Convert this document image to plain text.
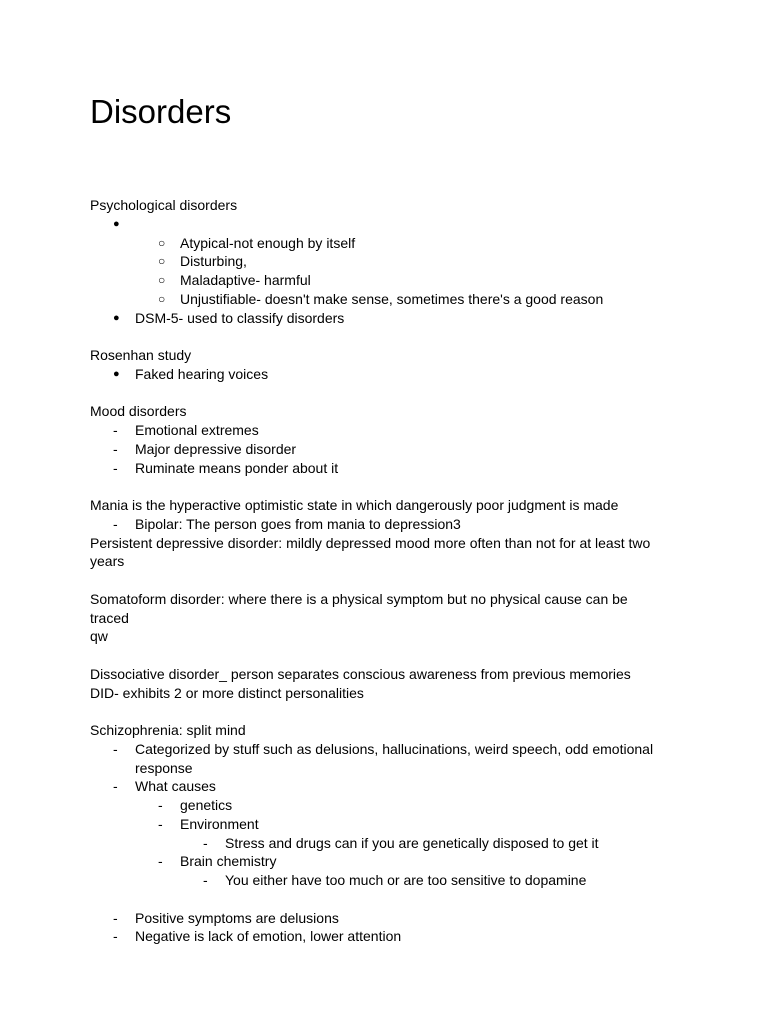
Disorders
Psychological disorders
●
○ Atypical-not enough by itself
○ Disturbing,
○ Maladaptive- harmful
○ Unjustifiable- doesn't make sense, sometimes there's a good reason
● DSM-5- used to classify disorders
Rosenhan study
● Faked hearing voices
Mood disorders
- Emotional extremes
- Major depressive disorder
- Ruminate means ponder about it
Mania is the hyperactive optimistic state in which dangerously poor judgment is made
- Bipolar: The person goes from mania to depression3
Persistent depressive disorder: mildly depressed mood more often than not for at least two
years
Somatoform disorder: where there is a physical symptom but no physical cause can be traced
qw
Dissociative disorder_ person separates conscious awareness from previous memories
DID- exhibits 2 or more distinct personalities
Schizophrenia: split mind
- Categorized by stuff such as delusions, hallucinations, weird speech, odd emotional
response
- What causes
- genetics
- Environment
- Stress and drugs can if you are genetically disposed to get it
- Brain chemistry
- You either have too much or are too sensitive to dopamine
- Positive symptoms are delusions
- Negative is lack of emotion, lower attention
